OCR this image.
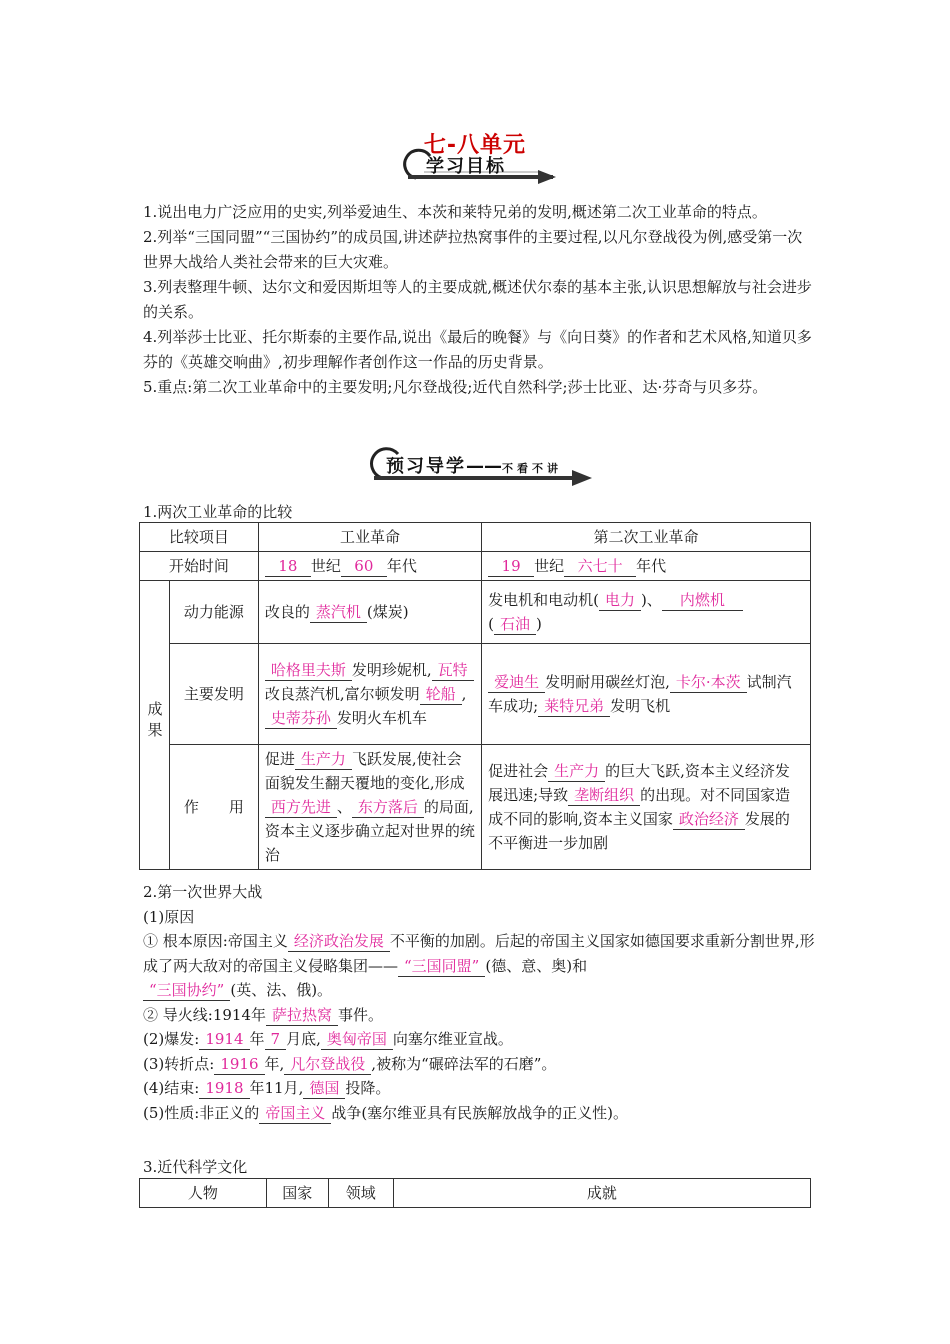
七-八单元
学习目标

1.说出电力广泛应用的史实,列举爱迪生、本茨和莱特兄弟的发明,概述第二次工业革命的特点。

2.列举“三国同盟”“三国协约”的成员国,讲述萨拉热窝事件的主要过程,以凡尔登战役为例,感受第一次世界大战给人类社会带来的巨大灾难。

3.列表整理牛顿、达尔文和爱因斯坦等人的主要成就,概述伏尔泰的基本主张,认识思想解放与社会进步的关系。

4.列举莎士比亚、托尔斯泰的主要作品,说出《最后的晚餐》与《向日葵》的作者和艺术风格,知道贝多芬的《英雄交响曲》,初步理解作者创作这一作品的历史背景。

5.重点:第二次工业革命中的主要发明;凡尔登战役;近代自然科学;莎士比亚、达·芬奇与贝多芬。

预习导学——不看不讲
1.两次工业革命的比较
比较项目		工业革命	第二次工业革命
开始时间		18 世纪 60 年代	19 世纪 六七十 年代
成果	动力能源	改良的 蒸汽机 (煤炭)	发电机和电动机( 电力 )、 内燃机
( 石油 )
	主要发明	哈格里夫斯 发明珍妮机, 瓦特改良蒸汽机,富尔顿发明 轮船 ,史蒂芬孙 发明火车机车	爱迪生 发明耐用碳丝灯泡, 卡尔·本茨 试制汽车成功; 莱特兄弟 发明飞机
	作　　用	促进 生产力 飞跃发展,使社会面貌发生翻天覆地的变化,形成西方先进 、 东方落后 的局面,资本主义逐步确立起对世界的统治	促进社会 生产力 的巨大飞跃,资本主义经济发展迅速;导致 垄断组织 的出现。对不同国家造成不同的影响,资本主义国家 政治经济 发展的不平衡进一步加剧

2.第一次世界大战

(1)原因

① 根本原因:帝国主义 经济政治发展 不平衡的加剧。后起的帝国主义国家如德国要求重新分割世界,形成了两大敌对的帝国主义侵略集团—— “三国同盟” (德、意、奥)和
“三国协约” (英、法、俄)。

② 导火线:1914年 萨拉热窝 事件。

(2)爆发: 1914 年 7 月底, 奥匈帝国 向塞尔维亚宣战。

(3)转折点: 1916 年, 凡尔登战役 ,被称为“碾碎法军的石磨”。

(4)结束: 1918 年11月, 德国 投降。

(5)性质:非正义的 帝国主义 战争(塞尔维亚具有民族解放战争的正义性)。

3.近代科学文化
人物	国家	领域	成就
